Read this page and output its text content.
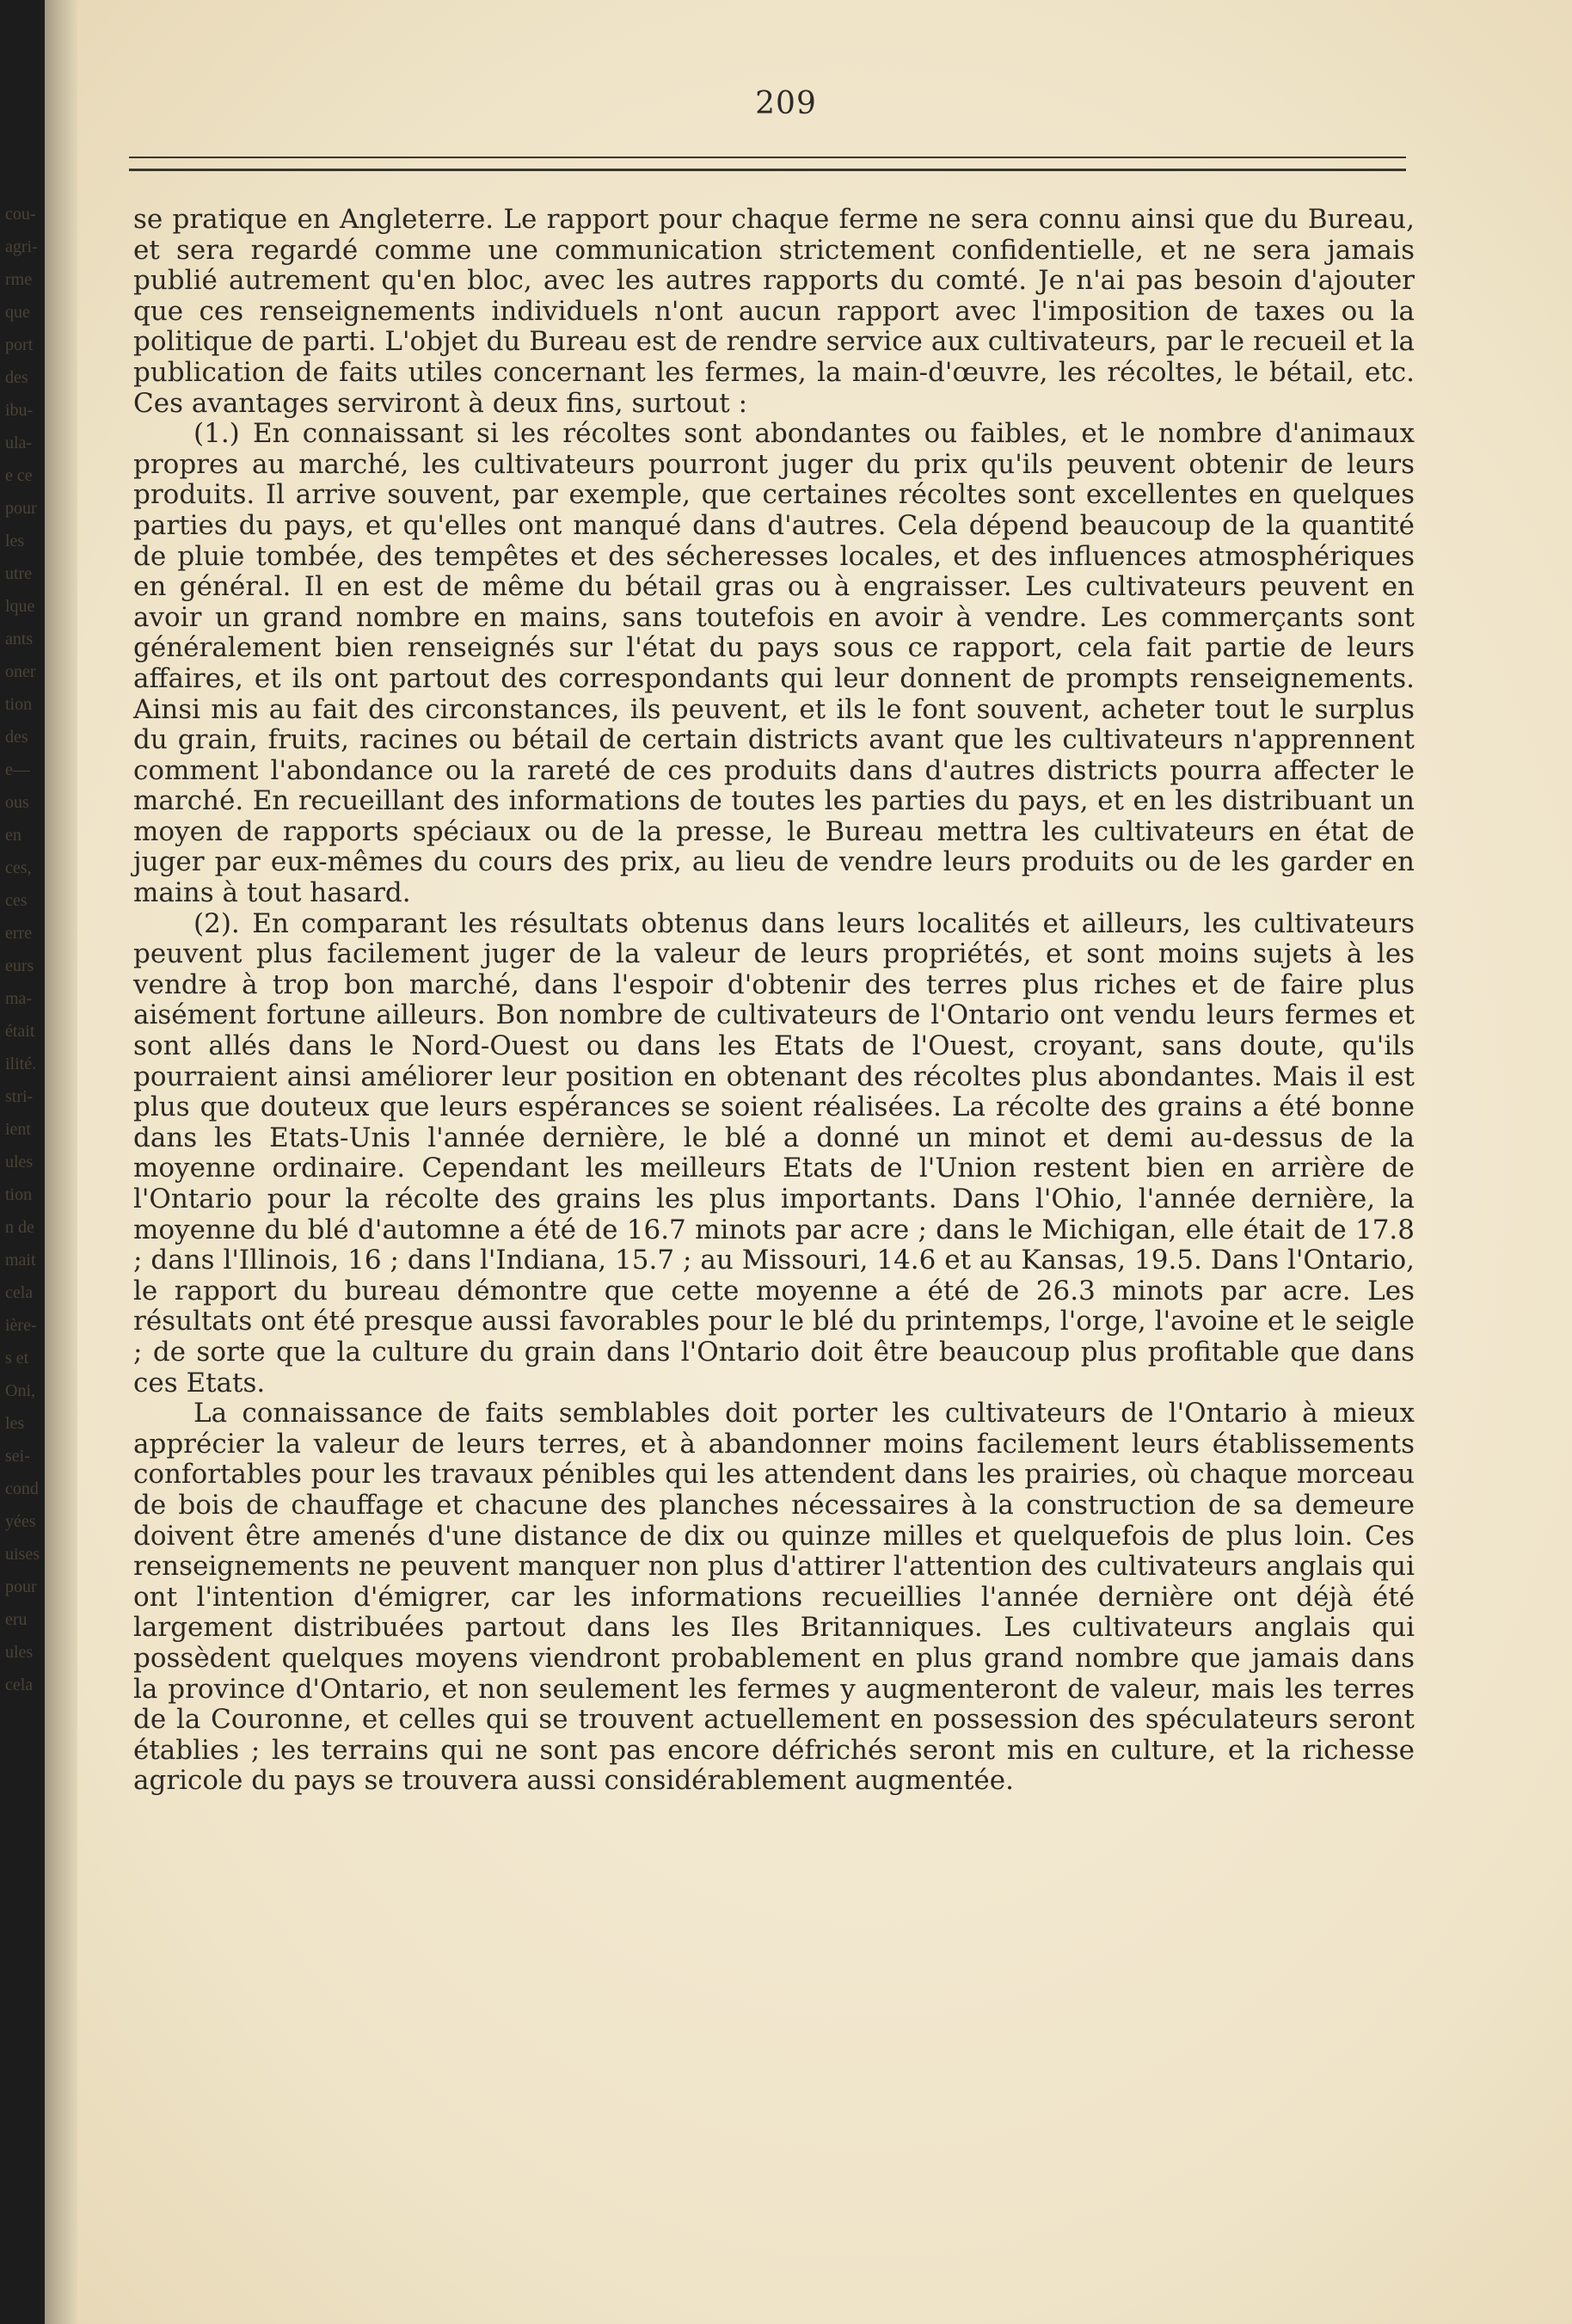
cou-
agri-
rme
que
port
des
ibu-
ula-
e ce
pour
les
utre
lque
ants
oner
tion
des
e—
ous
en
ces,
ces
erre
eurs
ma-
était
ilité.
stri-
ient
ules
tion
n de
mait
cela
ière-
s et
Oni,
les
sei-
cond
yées
uises
pour
eru
ules
cela
209

se pratique en Angleterre. Le rapport pour chaque ferme ne sera connu ainsi que du Bureau, et sera regardé comme une communication strictement confidentielle, et ne sera jamais publié autrement qu'en bloc, avec les autres rapports du comté. Je n'ai pas besoin d'ajouter que ces renseignements individuels n'ont aucun rapport avec l'imposition de taxes ou la politique de parti. L'objet du Bureau est de rendre service aux cultivateurs, par le recueil et la publication de faits utiles concernant les fermes, la main-d'œuvre, les récoltes, le bétail, etc. Ces avantages serviront à deux fins, surtout :

(1.) En connaissant si les récoltes sont abondantes ou faibles, et le nombre d'animaux propres au marché, les cultivateurs pourront juger du prix qu'ils peuvent obtenir de leurs produits. Il arrive souvent, par exemple, que certaines récoltes sont excellentes en quelques parties du pays, et qu'elles ont manqué dans d'autres. Cela dépend beaucoup de la quantité de pluie tombée, des tempêtes et des sécheresses locales, et des influences atmosphériques en général. Il en est de même du bétail gras ou à engraisser. Les cultivateurs peuvent en avoir un grand nombre en mains, sans toutefois en avoir à vendre. Les commerçants sont généralement bien renseignés sur l'état du pays sous ce rapport, cela fait partie de leurs affaires, et ils ont partout des correspondants qui leur donnent de prompts renseignements. Ainsi mis au fait des circonstances, ils peuvent, et ils le font souvent, acheter tout le surplus du grain, fruits, racines ou bétail de certain districts avant que les cultivateurs n'apprennent comment l'abondance ou la rareté de ces produits dans d'autres districts pourra affecter le marché. En recueillant des informations de toutes les parties du pays, et en les distribuant un moyen de rapports spéciaux ou de la presse, le Bureau mettra les cultivateurs en état de juger par eux-mêmes du cours des prix, au lieu de vendre leurs produits ou de les garder en mains à tout hasard.

(2). En comparant les résultats obtenus dans leurs localités et ailleurs, les cultivateurs peuvent plus facilement juger de la valeur de leurs propriétés, et sont moins sujets à les vendre à trop bon marché, dans l'espoir d'obtenir des terres plus riches et de faire plus aisément fortune ailleurs. Bon nombre de cultivateurs de l'Ontario ont vendu leurs fermes et sont allés dans le Nord-Ouest ou dans les Etats de l'Ouest, croyant, sans doute, qu'ils pourraient ainsi améliorer leur position en obtenant des récoltes plus abondantes. Mais il est plus que douteux que leurs espérances se soient réalisées. La récolte des grains a été bonne dans les Etats-Unis l'année dernière, le blé a donné un minot et demi au-dessus de la moyenne ordinaire. Cependant les meilleurs Etats de l'Union restent bien en arrière de l'Ontario pour la récolte des grains les plus importants. Dans l'Ohio, l'année dernière, la moyenne du blé d'automne a été de 16.7 minots par acre ; dans le Michigan, elle était de 17.8 ; dans l'Illinois, 16 ; dans l'Indiana, 15.7 ; au Missouri, 14.6 et au Kansas, 19.5. Dans l'Ontario, le rapport du bureau démontre que cette moyenne a été de 26.3 minots par acre. Les résultats ont été presque aussi favorables pour le blé du printemps, l'orge, l'avoine et le seigle ; de sorte que la culture du grain dans l'Ontario doit être beaucoup plus profitable que dans ces Etats.

La connaissance de faits semblables doit porter les cultivateurs de l'Ontario à mieux apprécier la valeur de leurs terres, et à abandonner moins facilement leurs établissements confortables pour les travaux pénibles qui les attendent dans les prairies, où chaque morceau de bois de chauffage et chacune des planches nécessaires à la construction de sa demeure doivent être amenés d'une distance de dix ou quinze milles et quelquefois de plus loin. Ces renseignements ne peuvent manquer non plus d'attirer l'attention des cultivateurs anglais qui ont l'intention d'émigrer, car les informations recueillies l'année dernière ont déjà été largement distribuées partout dans les Iles Britanniques. Les cultivateurs anglais qui possèdent quelques moyens viendront probablement en plus grand nombre que jamais dans la province d'Ontario, et non seulement les fermes y augmenteront de valeur, mais les terres de la Couronne, et celles qui se trouvent actuellement en possession des spéculateurs seront établies ; les terrains qui ne sont pas encore défrichés seront mis en culture, et la richesse agricole du pays se trouvera aussi considérablement augmentée.
